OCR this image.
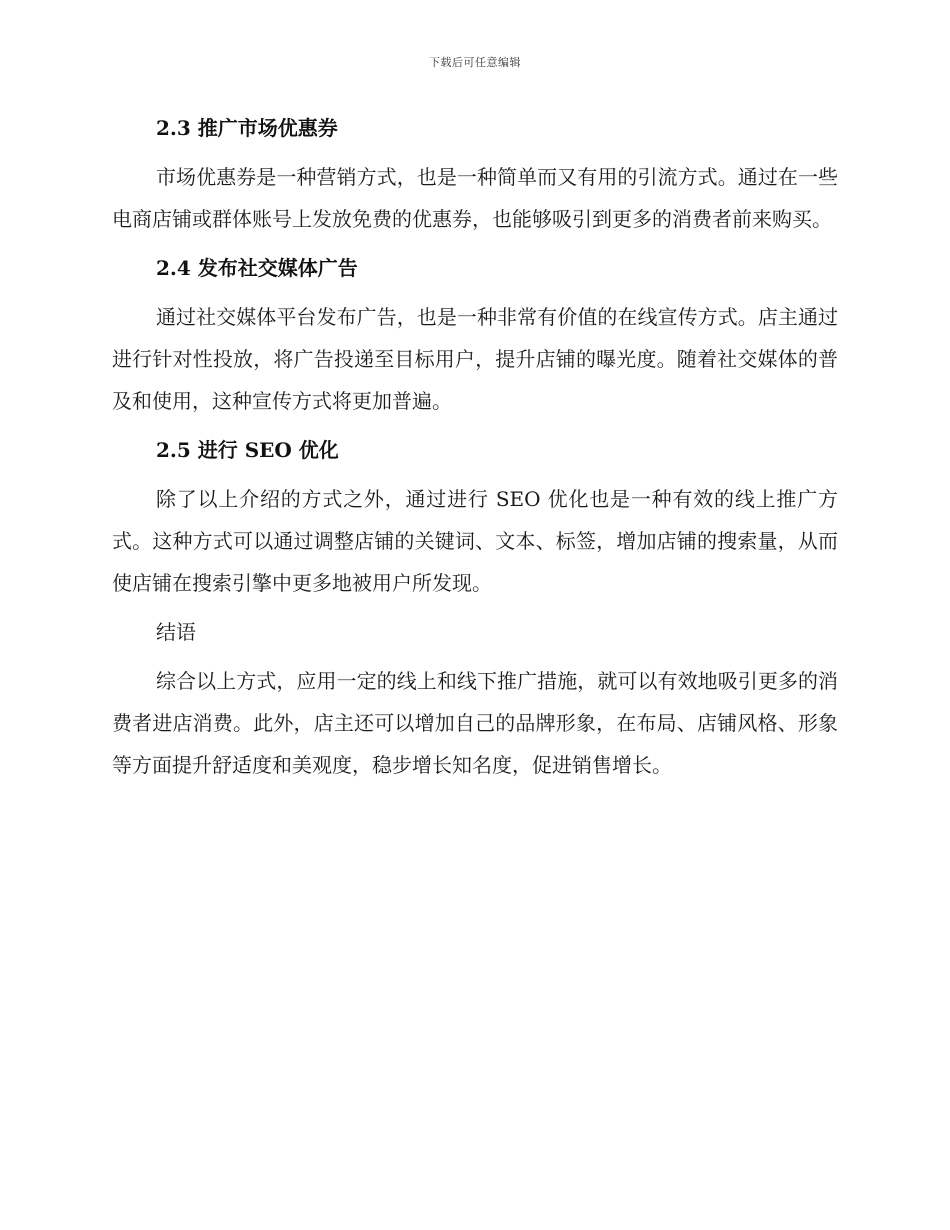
下载后可任意编辑
2.3 推广市场优惠券

市场优惠券是一种营销方式，也是一种简单而又有用的引流方式。通过在一些电商店铺或群体账号上发放免费的优惠券，也能够吸引到更多的消费者前来购买。

2.4 发布社交媒体广告

通过社交媒体平台发布广告，也是一种非常有价值的在线宣传方式。店主通过进行针对性投放，将广告投递至目标用户，提升店铺的曝光度。随着社交媒体的普及和使用，这种宣传方式将更加普遍。

2.5 进行 SEO 优化

除了以上介绍的方式之外，通过进行 SEO 优化也是一种有效的线上推广方式。这种方式可以通过调整店铺的关键词、文本、标签，增加店铺的搜索量，从而使店铺在搜索引擎中更多地被用户所发现。

结语

综合以上方式，应用一定的线上和线下推广措施，就可以有效地吸引更多的消费者进店消费。此外，店主还可以增加自己的品牌形象，在布局、店铺风格、形象等方面提升舒适度和美观度，稳步增长知名度，促进销售增长。
